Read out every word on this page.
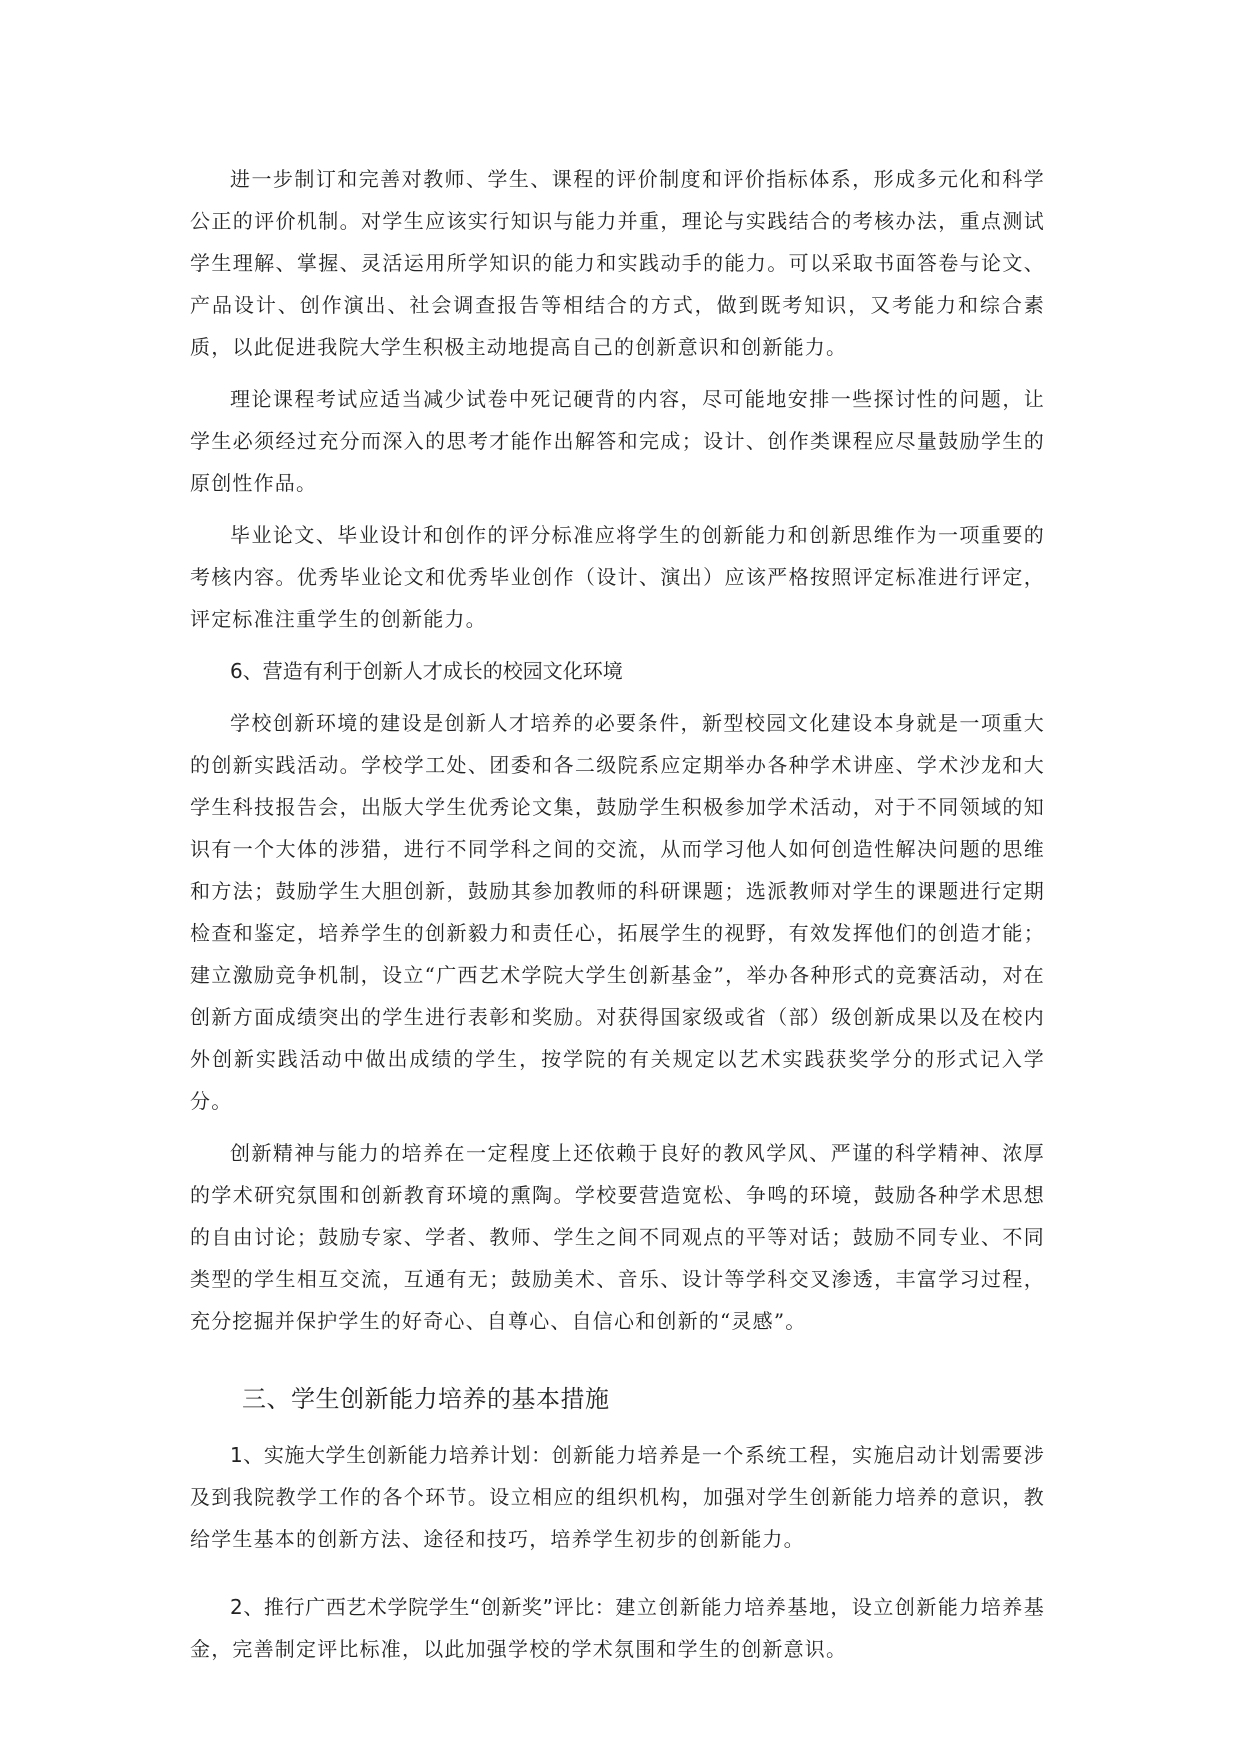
进一步制订和完善对教师、学生、课程的评价制度和评价指标体系，形成多元化和科学公正的评价机制。对学生应该实行知识与能力并重，理论与实践结合的考核办法，重点测试学生理解、掌握、灵活运用所学知识的能力和实践动手的能力。可以采取书面答卷与论文、产品设计、创作演出、社会调查报告等相结合的方式，做到既考知识，又考能力和综合素质，以此促进我院大学生积极主动地提高自己的创新意识和创新能力。

理论课程考试应适当减少试卷中死记硬背的内容，尽可能地安排一些探讨性的问题，让学生必须经过充分而深入的思考才能作出解答和完成；设计、创作类课程应尽量鼓励学生的原创性作品。

毕业论文、毕业设计和创作的评分标准应将学生的创新能力和创新思维作为一项重要的考核内容。优秀毕业论文和优秀毕业创作（设计、演出）应该严格按照评定标准进行评定，评定标准注重学生的创新能力。

6、营造有利于创新人才成长的校园文化环境

学校创新环境的建设是创新人才培养的必要条件，新型校园文化建设本身就是一项重大的创新实践活动。学校学工处、团委和各二级院系应定期举办各种学术讲座、学术沙龙和大学生科技报告会，出版大学生优秀论文集，鼓励学生积极参加学术活动，对于不同领域的知识有一个大体的涉猎，进行不同学科之间的交流，从而学习他人如何创造性解决问题的思维和方法；鼓励学生大胆创新，鼓励其参加教师的科研课题；选派教师对学生的课题进行定期检查和鉴定，培养学生的创新毅力和责任心，拓展学生的视野，有效发挥他们的创造才能；建立激励竞争机制，设立“广西艺术学院大学生创新基金”，举办各种形式的竞赛活动，对在创新方面成绩突出的学生进行表彰和奖励。对获得国家级或省（部）级创新成果以及在校内外创新实践活动中做出成绩的学生，按学院的有关规定以艺术实践获奖学分的形式记入学分。

创新精神与能力的培养在一定程度上还依赖于良好的教风学风、严谨的科学精神、浓厚的学术研究氛围和创新教育环境的熏陶。学校要营造宽松、争鸣的环境，鼓励各种学术思想的自由讨论；鼓励专家、学者、教师、学生之间不同观点的平等对话；鼓励不同专业、不同类型的学生相互交流，互通有无；鼓励美术、音乐、设计等学科交叉渗透，丰富学习过程，充分挖掘并保护学生的好奇心、自尊心、自信心和创新的“灵感”。

三、学生创新能力培养的基本措施

1、实施大学生创新能力培养计划：创新能力培养是一个系统工程，实施启动计划需要涉及到我院教学工作的各个环节。设立相应的组织机构，加强对学生创新能力培养的意识，教给学生基本的创新方法、途径和技巧，培养学生初步的创新能力。

2、推行广西艺术学院学生“创新奖”评比：建立创新能力培养基地，设立创新能力培养基金，完善制定评比标准，以此加强学校的学术氛围和学生的创新意识。
